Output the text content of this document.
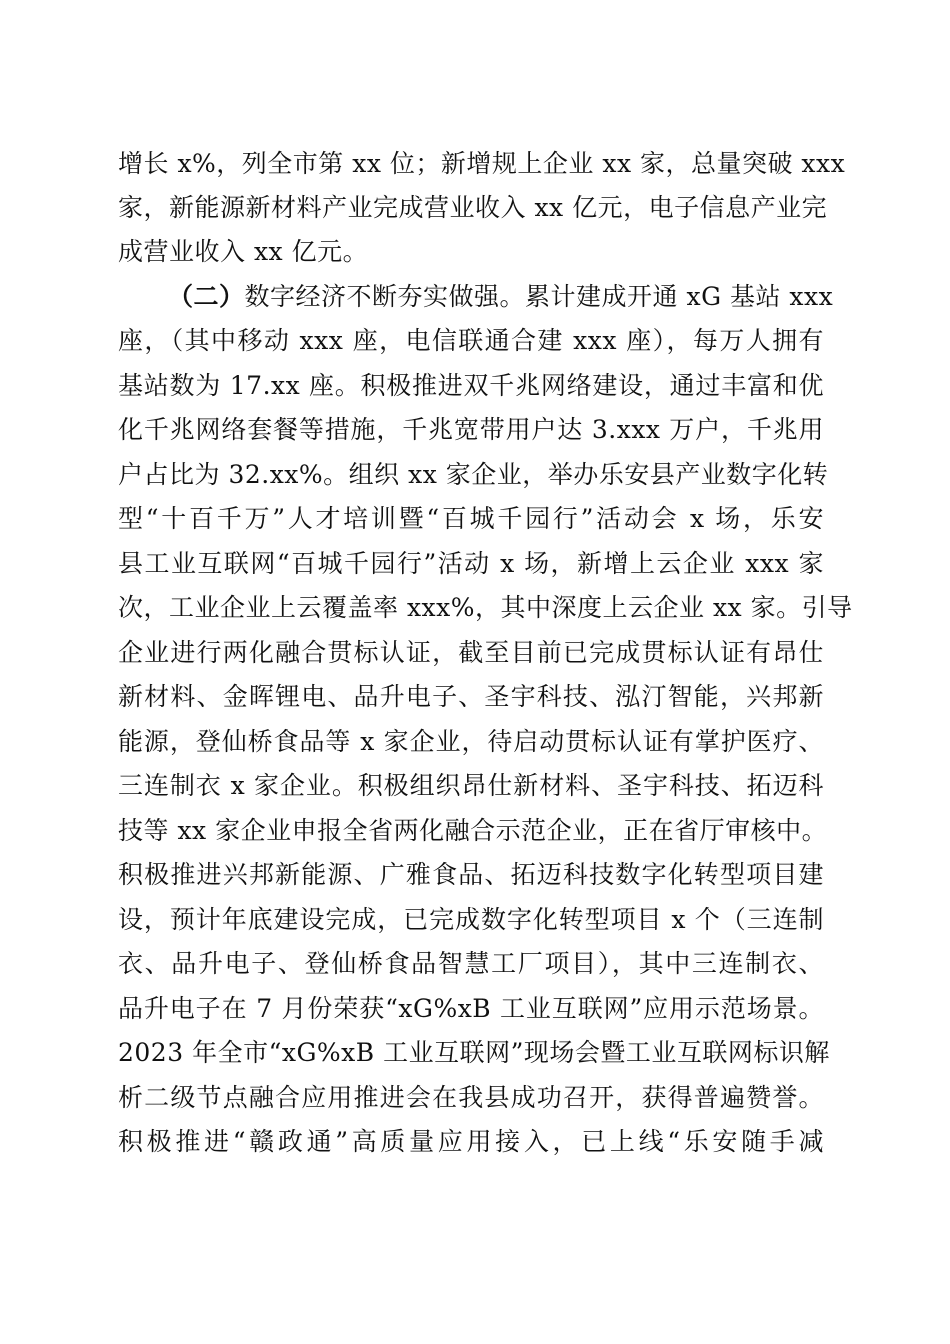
增长 x%，列全市第 xx 位；新增规上企业 xx 家，总量突破 xxx
家，新能源新材料产业完成营业收入 xx 亿元，电子信息产业完
成营业收入 xx 亿元。
（二）数字经济不断夯实做强。累计建成开通 xG 基站 xxx
座，（其中移动 xxx 座，电信联通合建 xxx 座），每万人拥有
基站数为 17.xx 座。积极推进双千兆网络建设，通过丰富和优
化千兆网络套餐等措施，千兆宽带用户达 3.xxx 万户，千兆用
户占比为 32.xx%。组织 xx 家企业，举办乐安县产业数字化转
型“十百千万”人才培训暨“百城千园行”活动会 x 场，乐安
县工业互联网“百城千园行”活动 x 场，新增上云企业 xxx 家
次，工业企业上云覆盖率 xxx%，其中深度上云企业 xx 家。引导
企业进行两化融合贯标认证，截至目前已完成贯标认证有昂仕
新材料、金晖锂电、品升电子、圣宇科技、泓汀智能，兴邦新
能源，登仙桥食品等 x 家企业，待启动贯标认证有掌护医疗、
三连制衣 x 家企业。积极组织昂仕新材料、圣宇科技、拓迈科
技等 xx 家企业申报全省两化融合示范企业，正在省厅审核中。
积极推进兴邦新能源、广雅食品、拓迈科技数字化转型项目建
设，预计年底建设完成，已完成数字化转型项目 x 个（三连制
衣、品升电子、登仙桥食品智慧工厂项目），其中三连制衣、
品升电子在 7 月份荣获“xG%xB 工业互联网”应用示范场景。
2023 年全市“xG%xB 工业互联网”现场会暨工业互联网标识解
析二级节点融合应用推进会在我县成功召开，获得普遍赞誉。
积极推进“赣政通”高质量应用接入，已上线“乐安随手减
